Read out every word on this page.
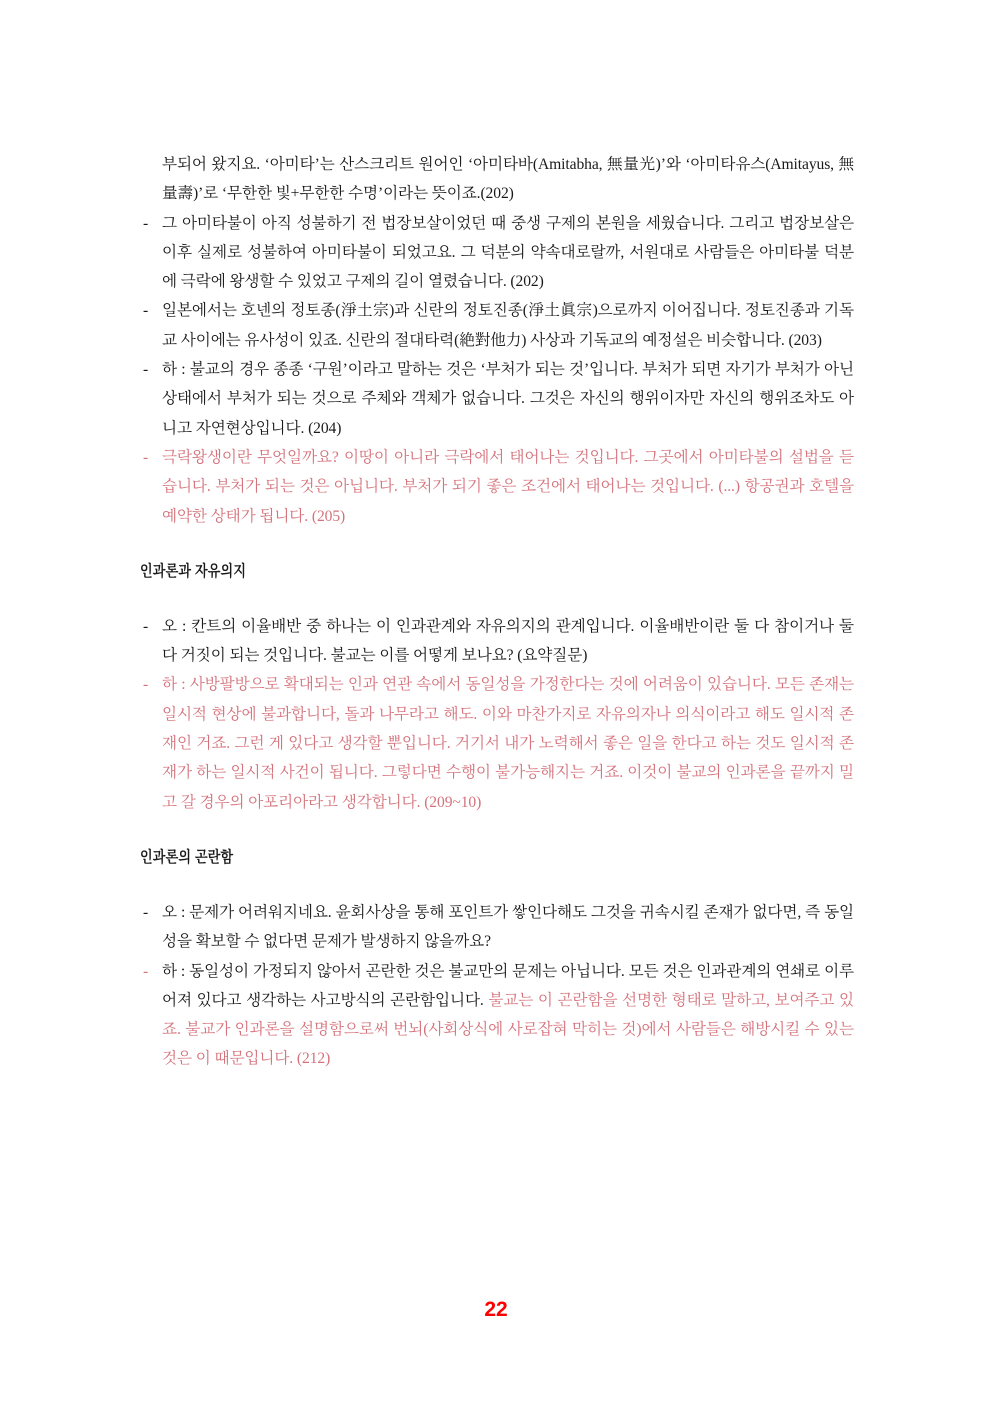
부되어 왔지요. ‘아미타’는 산스크리트 원어인 ‘아미타바(Amitabha, 無量光)’와 ‘아미타유스(Amitayus, 無量壽)’로 ‘무한한 빛+무한한 수명’이라는 뜻이죠.(202)

- 그 아미타불이 아직 성불하기 전 법장보살이었던 때 중생 구제의 본원을 세웠습니다. 그리고 법장보살은 이후 실제로 성불하여 아미타불이 되었고요. 그 덕분의 약속대로랄까, 서원대로 사람들은 아미타불 덕분에 극락에 왕생할 수 있었고 구제의 길이 열렸습니다. (202)

- 일본에서는 호넨의 정토종(淨土宗)과 신란의 정토진종(淨土眞宗)으로까지 이어집니다. 정토진종과 기독교 사이에는 유사성이 있죠. 신란의 절대타력(絶對他力) 사상과 기독교의 예정설은 비슷합니다. (203)

- 하 : 불교의 경우 종종 ‘구원’이라고 말하는 것은 ‘부처가 되는 것’입니다. 부처가 되면 자기가 부처가 아닌 상태에서 부처가 되는 것으로 주체와 객체가 없습니다. 그것은 자신의 행위이자만 자신의 행위조차도 아니고 자연현상입니다. (204)

- 극락왕생이란 무엇일까요? 이땅이 아니라 극락에서 태어나는 것입니다. 그곳에서 아미타불의 설법을 듣습니다. 부처가 되는 것은 아닙니다. 부처가 되기 좋은 조건에서 태어나는 것입니다. (...) 항공권과 호텔을 예약한 상태가 됩니다. (205)

인과론과 자유의지

- 오 : 칸트의 이율배반 중 하나는 이 인과관계와 자유의지의 관계입니다. 이율배반이란 둘 다 참이거나 둘 다 거짓이 되는 것입니다. 불교는 이를 어떻게 보나요? (요약질문)

- 하 : 사방팔방으로 확대되는 인과 연관 속에서 동일성을 가정한다는 것에 어려움이 있습니다. 모든 존재는 일시적 현상에 불과합니다, 돌과 나무라고 해도. 이와 마찬가지로 자유의자나 의식이라고 해도 일시적 존재인 거죠. 그런 게 있다고 생각할 뿐입니다. 거기서 내가 노력해서 좋은 일을 한다고 하는 것도 일시적 존재가 하는 일시적 사건이 됩니다. 그렇다면 수행이 불가능해지는 거죠. 이것이 불교의 인과론을 끝까지 밀고 갈 경우의 아포리아라고 생각합니다. (209~10)

인과론의 곤란함

- 오 : 문제가 어려워지네요. 윤회사상을 통해 포인트가 쌓인다해도 그것을 귀속시킬 존재가 없다면, 즉 동일성을 확보할 수 없다면 문제가 발생하지 않을까요?

- 하 : 동일성이 가정되지 않아서 곤란한 것은 불교만의 문제는 아닙니다. 모든 것은 인과관계의 연쇄로 이루어져 있다고 생각하는 사고방식의 곤란함입니다. 불교는 이 곤란함을 선명한 형태로 말하고, 보여주고 있죠. 불교가 인과론을 설명함으로써 번뇌(사회상식에 사로잡혀 막히는 것)에서 사람들은 해방시킬 수 있는 것은 이 때문입니다. (212)

22
